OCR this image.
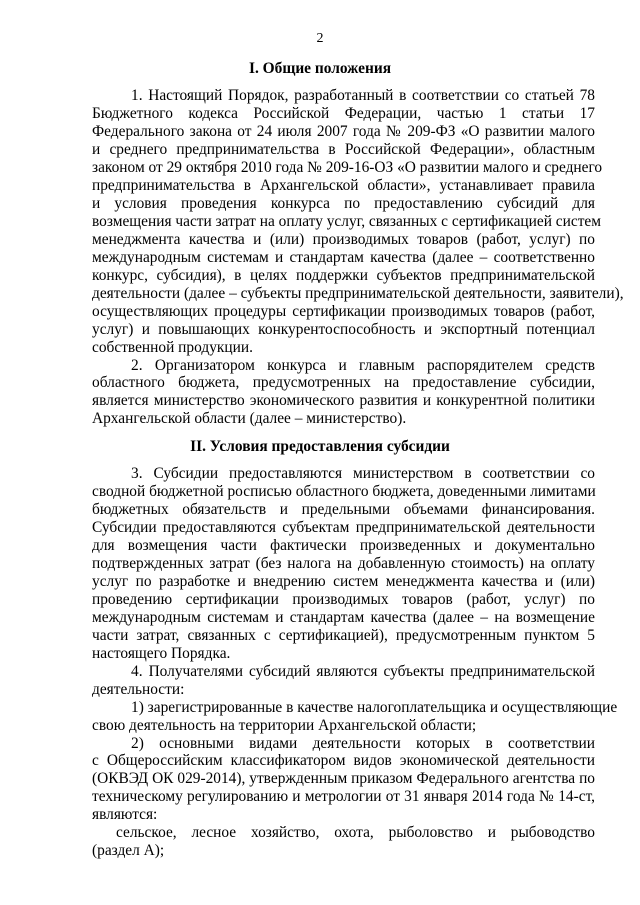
2
I. Общие положения
1. Настоящий Порядок, разработанный в соответствии со статьей 78
Бюджетного кодекса Российской Федерации, частью 1 статьи 17
Федерального закона от 24 июля 2007 года № 209-ФЗ «О развитии малого
и среднего предпринимательства в Российской Федерации», областным
законом от 29 октября 2010 года № 209-16-ОЗ «О развитии малого и среднего
предпринимательства в Архангельской области», устанавливает правила
и условия проведения конкурса по предоставлению субсидий для
возмещения части затрат на оплату услуг, связанных с сертификацией систем
менеджмента качества и (или) производимых товаров (работ, услуг) по
международным системам и стандартам качества (далее – соответственно
конкурс, субсидия), в целях поддержки субъектов предпринимательской
деятельности (далее – субъекты предпринимательской деятельности, заявители),
осуществляющих процедуры сертификации производимых товаров (работ,
услуг) и повышающих конкурентоспособность и экспортный потенциал
собственной продукции.
2. Организатором конкурса и главным распорядителем средств
областного бюджета, предусмотренных на предоставление субсидии,
является министерство экономического развития и конкурентной политики
Архангельской области (далее – министерство).
II. Условия предоставления субсидии
3. Субсидии предоставляются министерством в соответствии со
сводной бюджетной росписью областного бюджета, доведенными лимитами
бюджетных обязательств и предельными объемами финансирования.
Субсидии предоставляются субъектам предпринимательской деятельности
для возмещения части фактически произведенных и документально
подтвержденных затрат (без налога на добавленную стоимость) на оплату
услуг по разработке и внедрению систем менеджмента качества и (или)
проведению сертификации производимых товаров (работ, услуг) по
международным системам и стандартам качества (далее – на возмещение
части затрат, связанных с сертификацией), предусмотренным пунктом 5
настоящего Порядка.
4. Получателями субсидий являются субъекты предпринимательской
деятельности:
1) зарегистрированные в качестве налогоплательщика и осуществляющие
свою деятельность на территории Архангельской области;
2) основными видами деятельности которых в соответствии
с Общероссийским классификатором видов экономической деятельности
(ОКВЭД ОК 029-2014), утвержденным приказом Федерального агентства по
техническому регулированию и метрологии от 31 января 2014 года № 14-ст,
являются:
сельское, лесное хозяйство, охота, рыболовство и рыбоводство
(раздел А);
